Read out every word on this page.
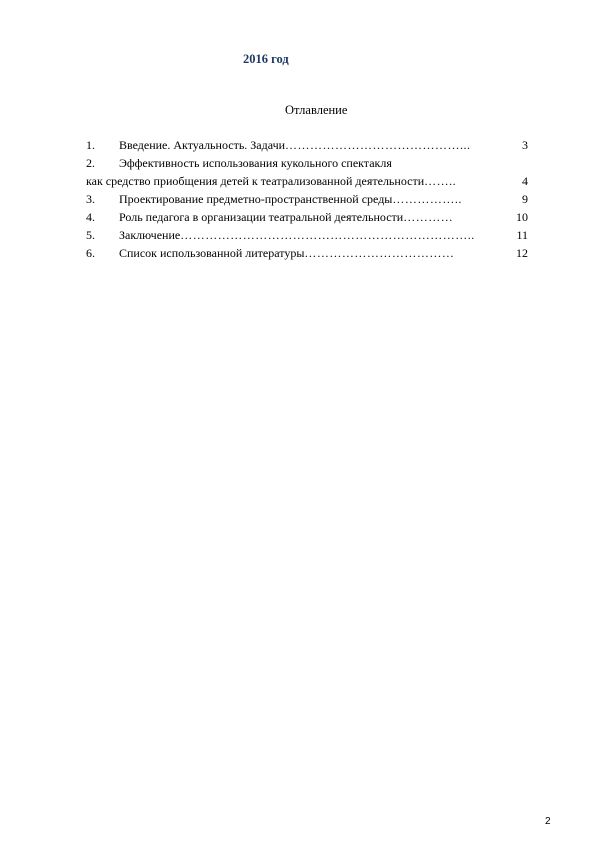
2016 год
Отлавление
1.	Введение. Актуальность. Задачи ……………………………………...	3
2.	Эффективность использования кукольного спектакля
как средство приобщения детей к театрализованной деятельности ……..	4
3.	Проектирование предметно-пространственной среды ……………..	9
4.	Роль педагога в организации театральной деятельности …………	10
5.	Заключение ……………………………………………………………..	11
6.	Список использованной литературы ………………………………	12
2
